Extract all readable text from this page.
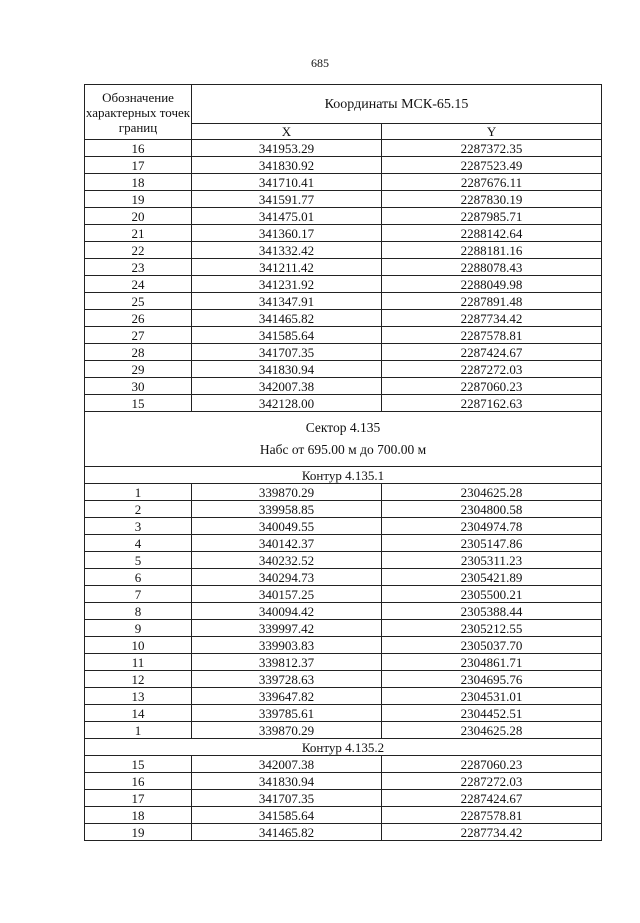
685
Обозначение характерных точек границ	Координаты МСК-65.15	
	X	Y
16	341953.29	2287372.35
17	341830.92	2287523.49
18	341710.41	2287676.11
19	341591.77	2287830.19
20	341475.01	2287985.71
21	341360.17	2288142.64
22	341332.42	2288181.16
23	341211.42	2288078.43
24	341231.92	2288049.98
25	341347.91	2287891.48
26	341465.82	2287734.42
27	341585.64	2287578.81
28	341707.35	2287424.67
29	341830.94	2287272.03
30	342007.38	2287060.23
15	342128.00	2287162.63

Сектор 4.135
Набс от 695.00 м до 700.00 м		

Контур 4.135.1		
1	339870.29	2304625.28
2	339958.85	2304800.58
3	340049.55	2304974.78
4	340142.37	2305147.86
5	340232.52	2305311.23
6	340294.73	2305421.89
7	340157.25	2305500.21
8	340094.42	2305388.44
9	339997.42	2305212.55
10	339903.83	2305037.70
11	339812.37	2304861.71
12	339728.63	2304695.76
13	339647.82	2304531.01
14	339785.61	2304452.51
1	339870.29	2304625.28
Контур 4.135.2		
15	342007.38	2287060.23
16	341830.94	2287272.03
17	341707.35	2287424.67
18	341585.64	2287578.81
19	341465.82	2287734.42
